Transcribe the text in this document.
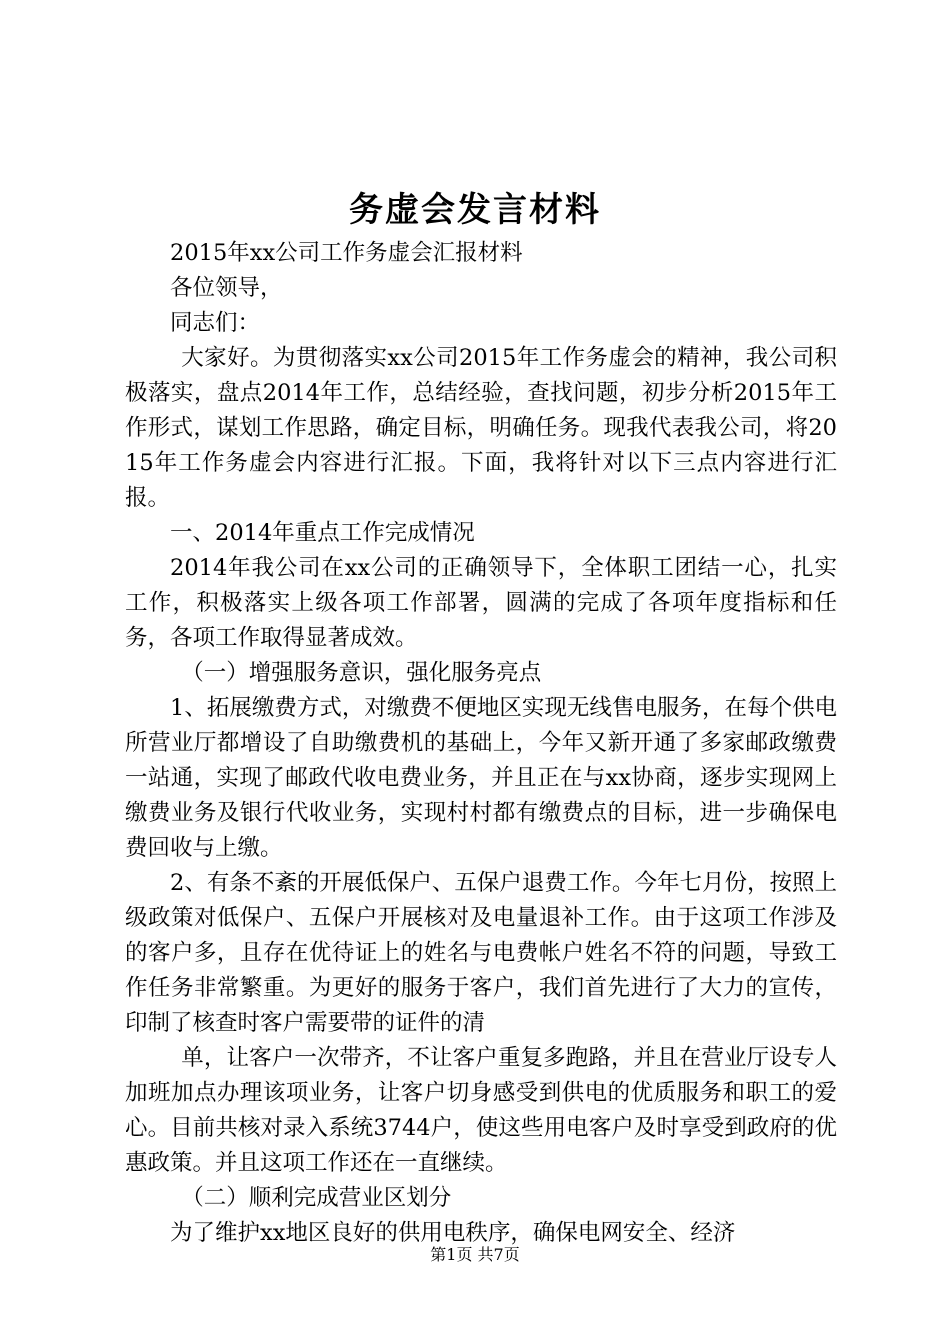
务虚会发言材料

2015年xx公司工作务虚会汇报材料

各位领导，

同志们：

大家好。为贯彻落实xx公司2015年工作务虚会的精神，我公司积极落实，盘点2014年工作，总结经验，查找问题，初步分析2015年工作形式，谋划工作思路，确定目标，明确任务。现我代表我公司，将2015年工作务虚会内容进行汇报。下面，我将针对以下三点内容进行汇报。

一、2014年重点工作完成情况

2014年我公司在xx公司的正确领导下，全体职工团结一心，扎实工作，积极落实上级各项工作部署，圆满的完成了各项年度指标和任务，各项工作取得显著成效。

（一）增强服务意识，强化服务亮点

1、拓展缴费方式，对缴费不便地区实现无线售电服务，在每个供电所营业厅都增设了自助缴费机的基础上，今年又新开通了多家邮政缴费一站通，实现了邮政代收电费业务，并且正在与xx协商，逐步实现网上缴费业务及银行代收业务，实现村村都有缴费点的目标，进一步确保电费回收与上缴。

2、有条不紊的开展低保户、五保户退费工作。今年七月份，按照上级政策对低保户、五保户开展核对及电量退补工作。由于这项工作涉及的客户多，且存在优待证上的姓名与电费帐户姓名不符的问题，导致工作任务非常繁重。为更好的服务于客户，我们首先进行了大力的宣传，印制了核查时客户需要带的证件的清

单，让客户一次带齐，不让客户重复多跑路，并且在营业厅设专人加班加点办理该项业务，让客户切身感受到供电的优质服务和职工的爱心。目前共核对录入系统3744户，使这些用电客户及时享受到政府的优惠政策。并且这项工作还在一直继续。

（二）顺利完成营业区划分

为了维护xx地区良好的供用电秩序，确保电网安全、经济

第1页 共7页
